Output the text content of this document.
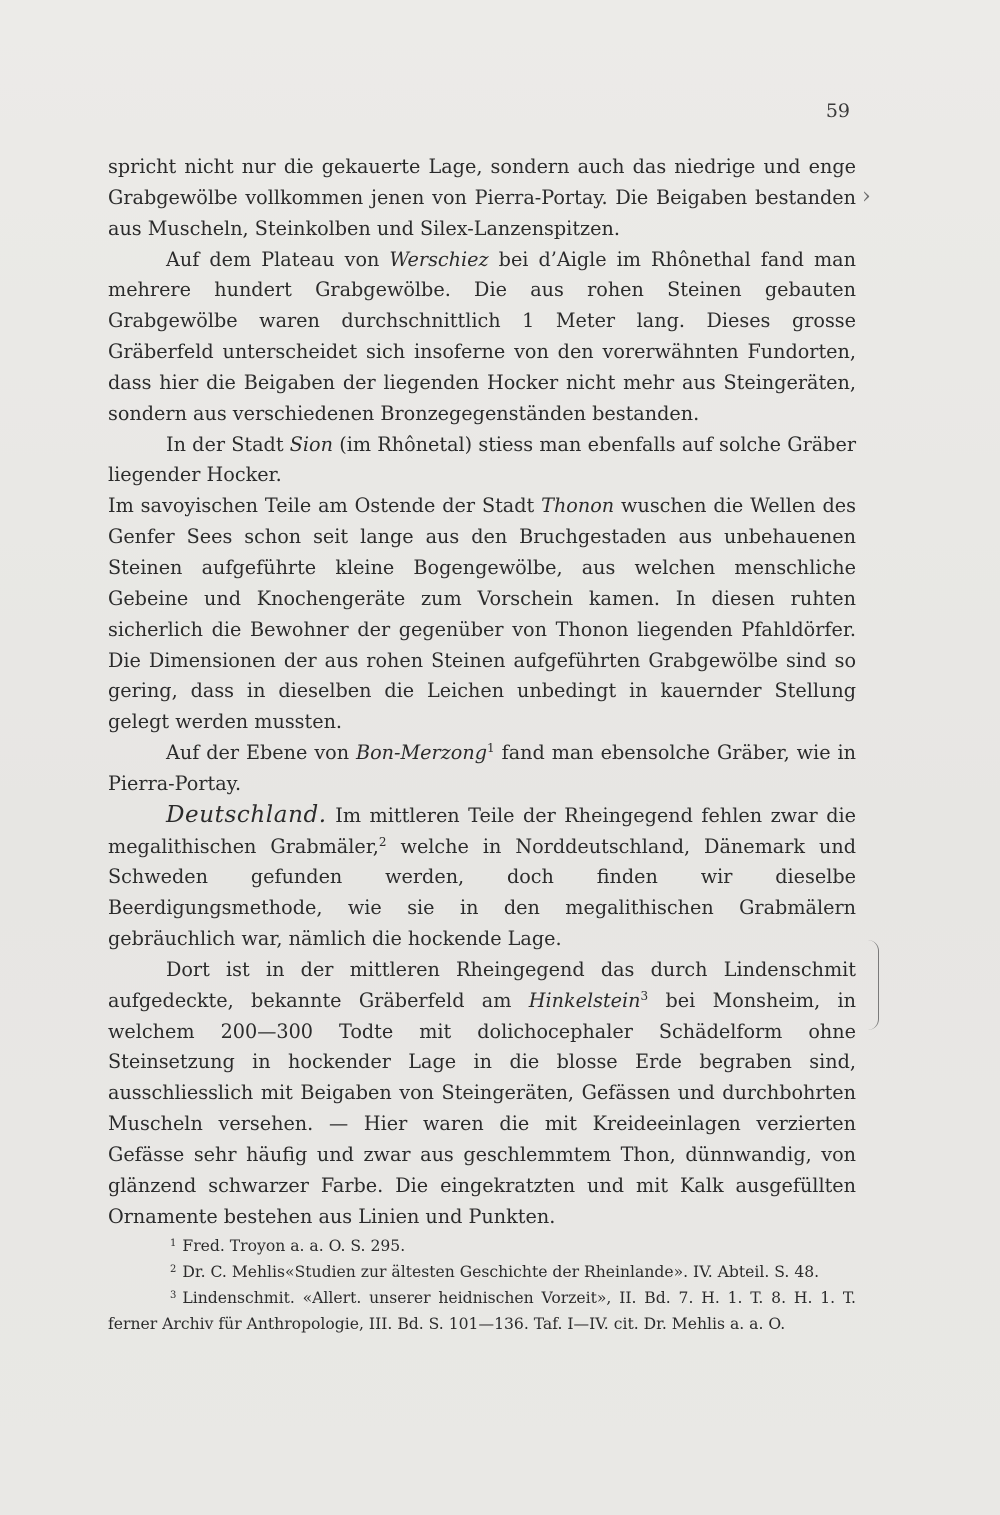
59
›

spricht nicht nur die gekauerte Lage, sondern auch das niedrige und enge Grabgewölbe vollkommen jenen von Pierra-Portay. Die Beigaben bestanden aus Muscheln, Steinkolben und Silex-Lanzenspitzen.

Auf dem Plateau von Werschiez bei d’Aigle im Rhônethal fand man mehrere hundert Grabgewölbe. Die aus rohen Steinen gebauten Grabgewölbe waren durchschnittlich 1 Meter lang. Dieses grosse Gräberfeld unterscheidet sich insoferne von den vorerwähnten Fundorten, dass hier die Beigaben der liegenden Hocker nicht mehr aus Steingeräten, sondern aus verschiedenen Bronzegegenständen bestanden.

In der Stadt Sion (im Rhônetal) stiess man ebenfalls auf solche Gräber liegender Hocker.

Im savoyischen Teile am Ostende der Stadt Thonon wuschen die Wellen des Genfer Sees schon seit lange aus den Bruchgestaden aus unbehauenen Steinen aufgeführte kleine Bogengewölbe, aus welchen menschliche Gebeine und Knochengeräte zum Vorschein kamen. In diesen ruhten sicherlich die Bewohner der gegenüber von Thonon liegenden Pfahldörfer. Die Dimensionen der aus rohen Steinen aufgeführten Grabgewölbe sind so gering, dass in dieselben die Leichen unbedingt in kauernder Stellung gelegt werden mussten.

Auf der Ebene von Bon-Merzong$^1$ fand man ebensolche Gräber, wie in Pierra-Portay.

Deutschland. Im mittleren Teile der Rheingegend fehlen zwar die megalithischen Grabmäler,$^2$ welche in Norddeutschland, Dänemark und Schweden gefunden werden, doch finden wir dieselbe Beerdigungsmethode, wie sie in den megalithischen Grabmälern gebräuchlich war, nämlich die hockende Lage.

Dort ist in der mittleren Rheingegend das durch Lindenschmit aufgedeckte, bekannte Gräberfeld am Hinkelstein$^3$ bei Monsheim, in welchem 200—300 Todte mit dolichocephaler Schädelform ohne Steinsetzung in hockender Lage in die blosse Erde begraben sind, ausschliesslich mit Beigaben von Steingeräten, Gefässen und durchbohrten Muscheln versehen. — Hier waren die mit Kreideeinlagen verzierten Gefässe sehr häufig und zwar aus geschlemmtem Thon, dünnwandig, von glänzend schwarzer Farbe. Die eingekratzten und mit Kalk ausgefüllten Ornamente bestehen aus Linien und Punkten.

$^1$ Fred. Troyon a. a. O. S. 295.

$^2$ Dr. C. Mehlis«Studien zur ältesten Geschichte der Rheinlande». IV. Abteil. S. 48.

$^3$ Lindenschmit. «Allert. unserer heidnischen Vorzeit», II. Bd. 7. H. 1. T. 8. H. 1. T. ferner Archiv für Anthropologie, III. Bd. S. 101—136. Taf. I—IV. cit. Dr. Mehlis a. a. O.
